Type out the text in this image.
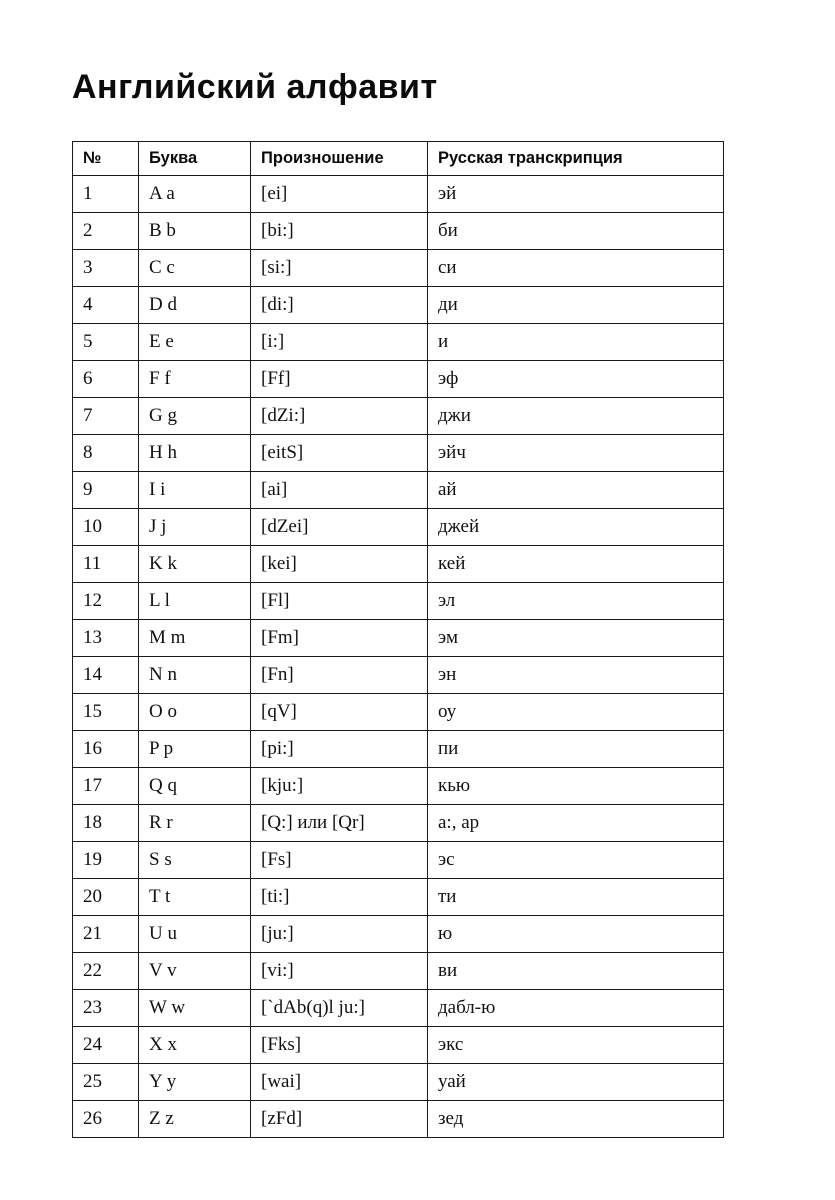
Английский алфавит
№	Буква	Произношение	Русская транскрипция
1	A a	[ei]	эй
2	B b	[bi:]	би
3	C c	[si:]	си
4	D d	[di:]	ди
5	E e	[i:]	и
6	F f	[Ff]	эф
7	G g	[dZi:]	джи
8	H h	[eitS]	эйч
9	I i	[ai]	ай
10	J j	[dZei]	джей
11	K k	[kei]	кей
12	L l	[Fl]	эл
13	M m	[Fm]	эм
14	N n	[Fn]	эн
15	O o	[qV]	оу
16	P p	[pi:]	пи
17	Q q	[kju:]	кью
18	R r	[Q:] или [Qr]	а:, ар
19	S s	[Fs]	эс
20	T t	[ti:]	ти
21	U u	[ju:]	ю
22	V v	[vi:]	ви
23	W w	[`dAb(q)l ju:]	дабл-ю
24	X x	[Fks]	экс
25	Y y	[wai]	уай
26	Z z	[zFd]	зед
